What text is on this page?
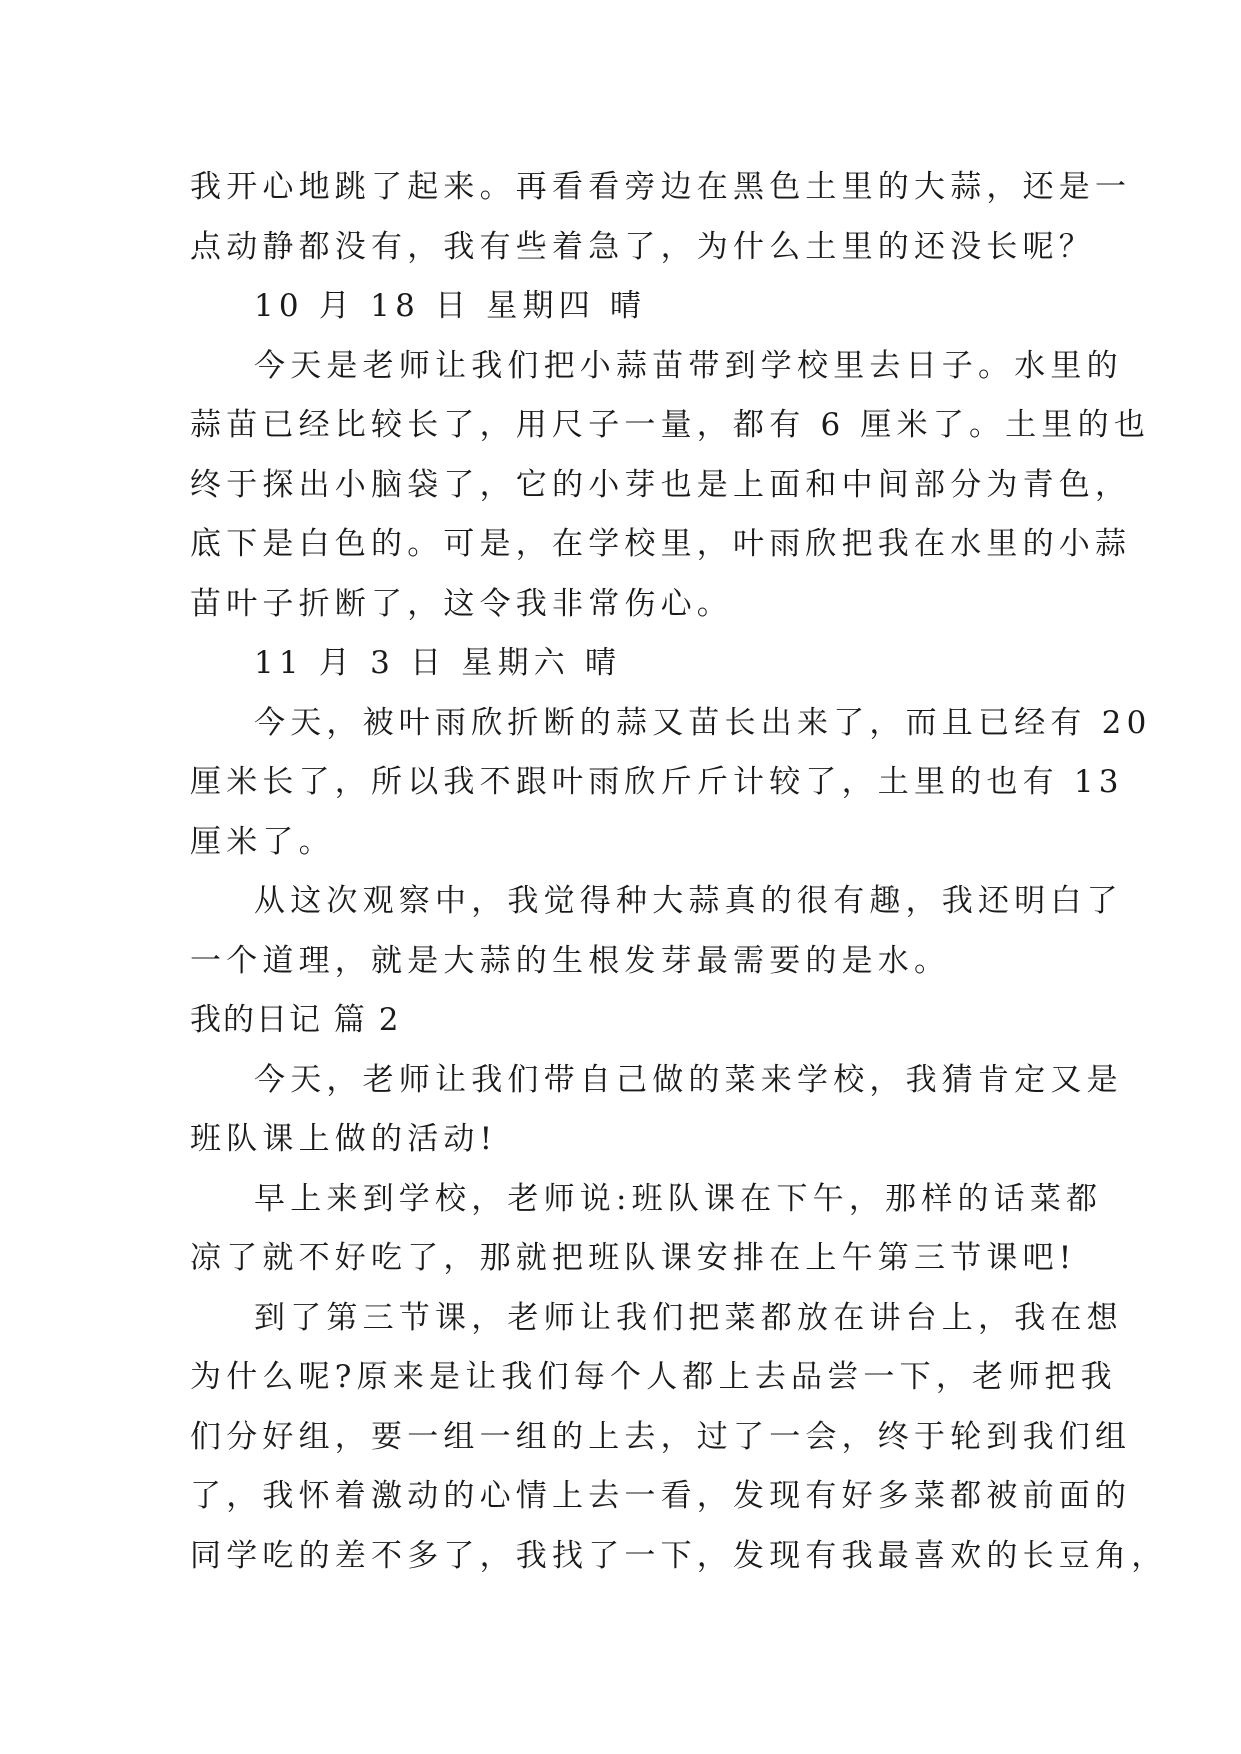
我开心地跳了起来。再看看旁边在黑色土里的大蒜，还是一
点动静都没有，我有些着急了，为什么土里的还没长呢？
10 月 18 日 星期四 晴
今天是老师让我们把小蒜苗带到学校里去日子。水里的
蒜苗已经比较长了，用尺子一量，都有 6 厘米了。土里的也
终于探出小脑袋了，它的小芽也是上面和中间部分为青色，
底下是白色的。可是，在学校里，叶雨欣把我在水里的小蒜
苗叶子折断了，这令我非常伤心。
11 月 3 日 星期六 晴
今天，被叶雨欣折断的蒜又苗长出来了，而且已经有 20
厘米长了，所以我不跟叶雨欣斤斤计较了，土里的也有 13
厘米了。
从这次观察中，我觉得种大蒜真的很有趣，我还明白了
一个道理，就是大蒜的生根发芽最需要的是水。
我的日记 篇 2
今天，老师让我们带自己做的菜来学校，我猜肯定又是
班队课上做的活动!
早上来到学校，老师说:班队课在下午，那样的话菜都
凉了就不好吃了，那就把班队课安排在上午第三节课吧!
到了第三节课，老师让我们把菜都放在讲台上，我在想
为什么呢?原来是让我们每个人都上去品尝一下，老师把我
们分好组，要一组一组的上去，过了一会，终于轮到我们组
了，我怀着激动的心情上去一看，发现有好多菜都被前面的
同学吃的差不多了，我找了一下，发现有我最喜欢的长豆角，
